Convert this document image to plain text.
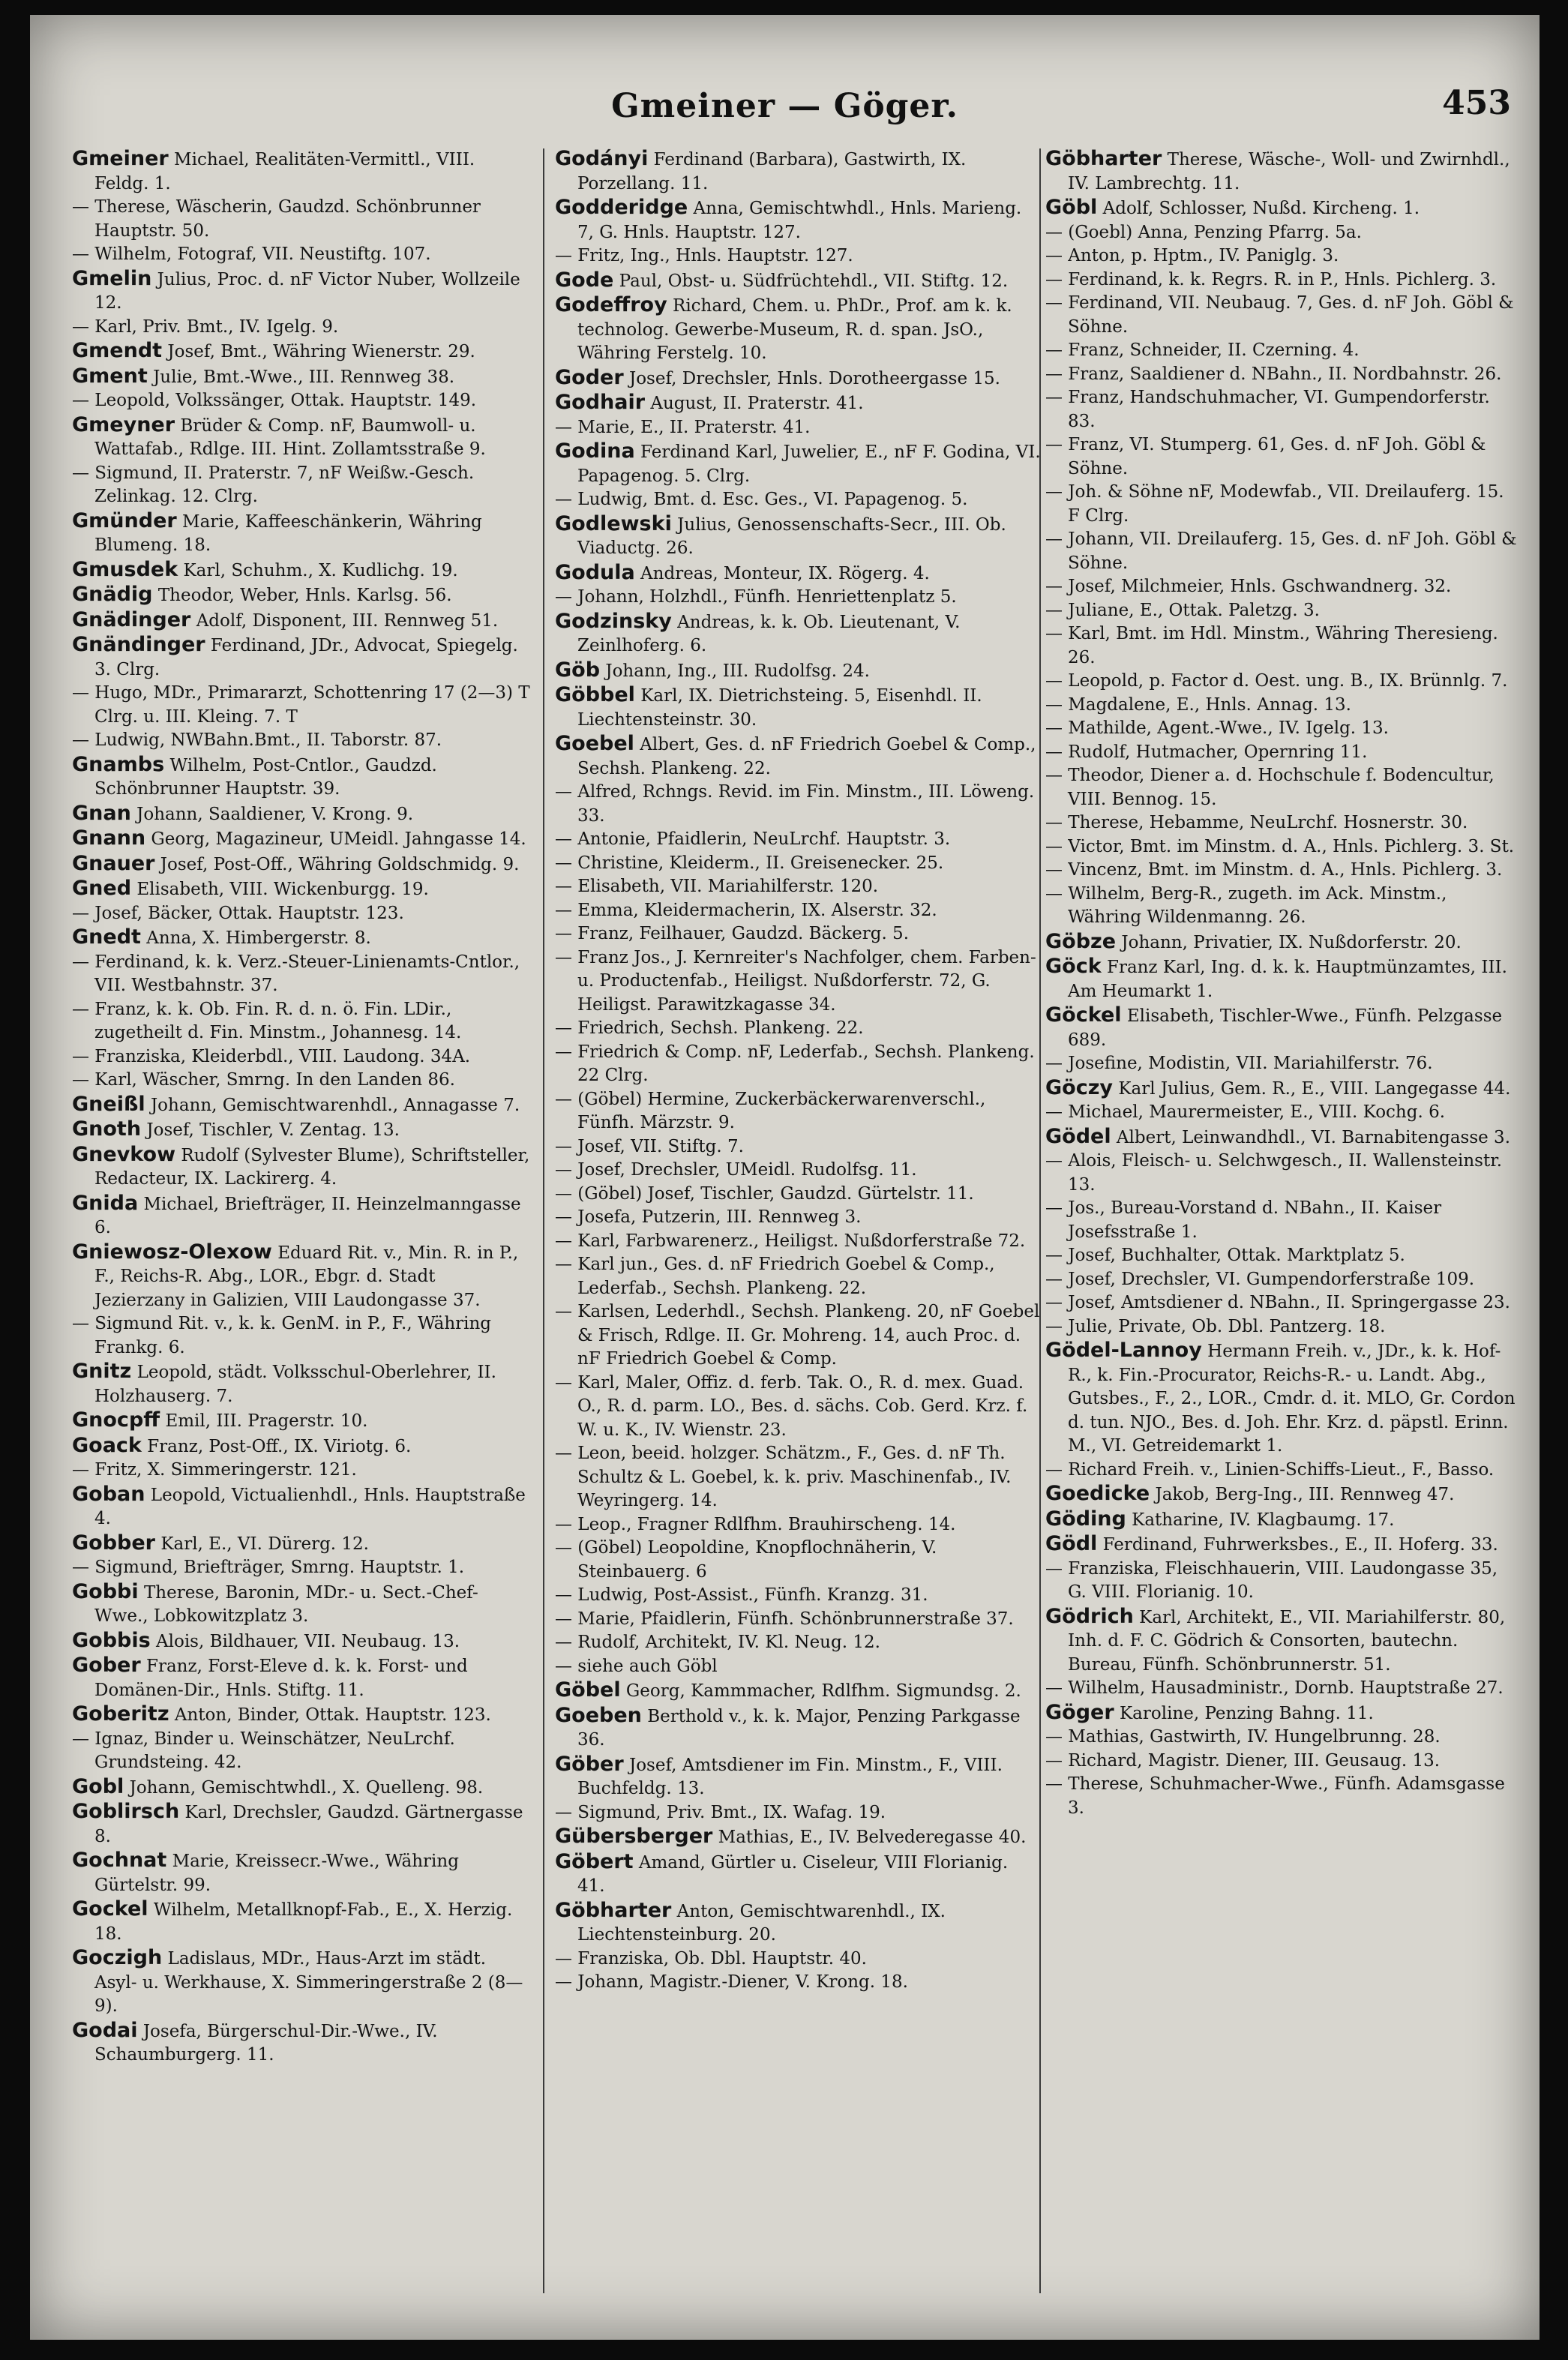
Gmeiner — Göger.	453

Gmeiner Michael, Realitäten-Vermittl., VIII. Feldg. 1.

— Therese, Wäscherin, Gaudzd. Schönbrunner Hauptstr. 50.

— Wilhelm, Fotograf, VII. Neustiftg. 107.

Gmelin Julius, Proc. d. nF Victor Nuber, Wollzeile 12.

— Karl, Priv. Bmt., IV. Igelg. 9.

Gmendt Josef, Bmt., Währing Wienerstr. 29.

Gment Julie, Bmt.-Wwe., III. Rennweg 38.

— Leopold, Volkssänger, Ottak. Hauptstr. 149.

Gmeyner Brüder & Comp. nF, Baumwoll- u. Wattafab., Rdlge. III. Hint. Zollamtsstraße 9.

— Sigmund, II. Praterstr. 7, nF Weißw.-Gesch. Zelinkag. 12. Clrg.

Gmünder Marie, Kaffeeschänkerin, Währing Blumeng. 18.

Gmusdek Karl, Schuhm., X. Kudlichg. 19.

Gnädig Theodor, Weber, Hnls. Karlsg. 56.

Gnädinger Adolf, Disponent, III. Rennweg 51.

Gnändinger Ferdinand, JDr., Advocat, Spiegelg. 3. Clrg.

— Hugo, MDr., Primararzt, Schottenring 17 (2—3) T Clrg. u. III. Kleing. 7. T

— Ludwig, NWBahn.Bmt., II. Taborstr. 87.

Gnambs Wilhelm, Post-Cntlor., Gaudzd. Schönbrunner Hauptstr. 39.

Gnan Johann, Saaldiener, V. Krong. 9.

Gnann Georg, Magazineur, UMeidl. Jahngasse 14.

Gnauer Josef, Post-Off., Währing Goldschmidg. 9.

Gned Elisabeth, VIII. Wickenburgg. 19.

— Josef, Bäcker, Ottak. Hauptstr. 123.

Gnedt Anna, X. Himbergerstr. 8.

— Ferdinand, k. k. Verz.-Steuer-Linienamts-Cntlor., VII. Westbahnstr. 37.

— Franz, k. k. Ob. Fin. R. d. n. ö. Fin. LDir., zugetheilt d. Fin. Minstm., Johannesg. 14.

— Franziska, Kleiderbdl., VIII. Laudong. 34A.

— Karl, Wäscher, Smrng. In den Landen 86.

Gneißl Johann, Gemischtwarenhdl., Annagasse 7.

Gnoth Josef, Tischler, V. Zentag. 13.

Gnevkow Rudolf (Sylvester Blume), Schriftsteller, Redacteur, IX. Lackirerg. 4.

Gnida Michael, Briefträger, II. Heinzelmanngasse 6.

Gniewosz-Olexow Eduard Rit. v., Min. R. in P., F., Reichs-R. Abg., LOR., Ebgr. d. Stadt Jezierzany in Galizien, VIII Laudongasse 37.

— Sigmund Rit. v., k. k. GenM. in P., F., Währing Frankg. 6.

Gnitz Leopold, städt. Volksschul-Oberlehrer, II. Holzhauserg. 7.

Gnocpff Emil, III. Pragerstr. 10.

Goack Franz, Post-Off., IX. Viriotg. 6.

— Fritz, X. Simmeringerstr. 121.

Goban Leopold, Victualienhdl., Hnls. Hauptstraße 4.

Gobber Karl, E., VI. Dürerg. 12.

— Sigmund, Briefträger, Smrng. Hauptstr. 1.

Gobbi Therese, Baronin, MDr.- u. Sect.-Chef-Wwe., Lobkowitzplatz 3.

Gobbis Alois, Bildhauer, VII. Neubaug. 13.

Gober Franz, Forst-Eleve d. k. k. Forst- und Domänen-Dir., Hnls. Stiftg. 11.

Goberitz Anton, Binder, Ottak. Hauptstr. 123.

— Ignaz, Binder u. Weinschätzer, NeuLrchf. Grundsteing. 42.

Gobl Johann, Gemischtwhdl., X. Quelleng. 98.

Goblirsch Karl, Drechsler, Gaudzd. Gärtnergasse 8.

Gochnat Marie, Kreissecr.-Wwe., Währing Gürtelstr. 99.

Gockel Wilhelm, Metallknopf-Fab., E., X. Herzig. 18.

Goczigh Ladislaus, MDr., Haus-Arzt im städt. Asyl- u. Werkhause, X. Simmeringerstraße 2 (8—9).

Godai Josefa, Bürgerschul-Dir.-Wwe., IV. Schaumburgerg. 11.

Godányi Ferdinand (Barbara), Gastwirth, IX. Porzellang. 11.

Godderidge Anna, Gemischtwhdl., Hnls. Marieng. 7, G. Hnls. Hauptstr. 127.

— Fritz, Ing., Hnls. Hauptstr. 127.

Gode Paul, Obst- u. Südfrüchtehdl., VII. Stiftg. 12.

Godeffroy Richard, Chem. u. PhDr., Prof. am k. k. technolog. Gewerbe-Museum, R. d. span. JsO., Währing Ferstelg. 10.

Goder Josef, Drechsler, Hnls. Dorotheergasse 15.

Godhair August, II. Praterstr. 41.

— Marie, E., II. Praterstr. 41.

Godina Ferdinand Karl, Juwelier, E., nF F. Godina, VI. Papagenog. 5. Clrg.

— Ludwig, Bmt. d. Esc. Ges., VI. Papagenog. 5.

Godlewski Julius, Genossenschafts-Secr., III. Ob. Viaductg. 26.

Godula Andreas, Monteur, IX. Rögerg. 4.

— Johann, Holzhdl., Fünfh. Henriettenplatz 5.

Godzinsky Andreas, k. k. Ob. Lieutenant, V. Zeinlhoferg. 6.

Göb Johann, Ing., III. Rudolfsg. 24.

Göbbel Karl, IX. Dietrichsteing. 5, Eisenhdl. II. Liechtensteinstr. 30.

Goebel Albert, Ges. d. nF Friedrich Goebel & Comp., Sechsh. Plankeng. 22.

— Alfred, Rchngs. Revid. im Fin. Minstm., III. Löweng. 33.

— Antonie, Pfaidlerin, NeuLrchf. Hauptstr. 3.

— Christine, Kleiderm., II. Greisenecker. 25.

— Elisabeth, VII. Mariahilferstr. 120.

— Emma, Kleidermacherin, IX. Alserstr. 32.

— Franz, Feilhauer, Gaudzd. Bäckerg. 5.

— Franz Jos., J. Kernreiter's Nachfolger, chem. Farben- u. Productenfab., Heiligst. Nußdorferstr. 72, G. Heiligst. Parawitzkagasse 34.

— Friedrich, Sechsh. Plankeng. 22.

— Friedrich & Comp. nF, Lederfab., Sechsh. Plankeng. 22 Clrg.

— (Göbel) Hermine, Zuckerbäckerwarenverschl., Fünfh. Märzstr. 9.

— Josef, VII. Stiftg. 7.

— Josef, Drechsler, UMeidl. Rudolfsg. 11.

— (Göbel) Josef, Tischler, Gaudzd. Gürtelstr. 11.

— Josefa, Putzerin, III. Rennweg 3.

— Karl, Farbwarenerz., Heiligst. Nußdorferstraße 72.

— Karl jun., Ges. d. nF Friedrich Goebel & Comp., Lederfab., Sechsh. Plankeng. 22.

— Karlsen, Lederhdl., Sechsh. Plankeng. 20, nF Goebel & Frisch, Rdlge. II. Gr. Mohreng. 14, auch Proc. d. nF Friedrich Goebel & Comp.

— Karl, Maler, Offiz. d. ferb. Tak. O., R. d. mex. Guad. O., R. d. parm. LO., Bes. d. sächs. Cob. Gerd. Krz. f. W. u. K., IV. Wienstr. 23.

— Leon, beeid. holzger. Schätzm., F., Ges. d. nF Th. Schultz & L. Goebel, k. k. priv. Maschinenfab., IV. Weyringerg. 14.

— Leop., Fragner Rdlfhm. Brauhirscheng. 14.

— (Göbel) Leopoldine, Knopflochnäherin, V. Steinbauerg. 6

— Ludwig, Post-Assist., Fünfh. Kranzg. 31.

— Marie, Pfaidlerin, Fünfh. Schönbrunnerstraße 37.

— Rudolf, Architekt, IV. Kl. Neug. 12.

— siehe auch Göbl

Göbel Georg, Kammmacher, Rdlfhm. Sigmundsg. 2.

Goeben Berthold v., k. k. Major, Penzing Parkgasse 36.

Göber Josef, Amtsdiener im Fin. Minstm., F., VIII. Buchfeldg. 13.

— Sigmund, Priv. Bmt., IX. Wafag. 19.

Gübersberger Mathias, E., IV. Belvederegasse 40.

Göbert Amand, Gürtler u. Ciseleur, VIII Florianig. 41.

Göbharter Anton, Gemischtwarenhdl., IX. Liechtensteinburg. 20.

— Franziska, Ob. Dbl. Hauptstr. 40.

— Johann, Magistr.-Diener, V. Krong. 18.

Göbharter Therese, Wäsche-, Woll- und Zwirnhdl., IV. Lambrechtg. 11.

Göbl Adolf, Schlosser, Nußd. Kircheng. 1.

— (Goebl) Anna, Penzing Pfarrg. 5a.

— Anton, p. Hptm., IV. Paniglg. 3.

— Ferdinand, k. k. Regrs. R. in P., Hnls. Pichlerg. 3.

— Ferdinand, VII. Neubaug. 7, Ges. d. nF Joh. Göbl & Söhne.

— Franz, Schneider, II. Czerning. 4.

— Franz, Saaldiener d. NBahn., II. Nordbahnstr. 26.

— Franz, Handschuhmacher, VI. Gumpendorferstr. 83.

— Franz, VI. Stumperg. 61, Ges. d. nF Joh. Göbl & Söhne.

— Joh. & Söhne nF, Modewfab., VII. Dreilauferg. 15. F Clrg.

— Johann, VII. Dreilauferg. 15, Ges. d. nF Joh. Göbl & Söhne.

— Josef, Milchmeier, Hnls. Gschwandnerg. 32.

— Juliane, E., Ottak. Paletzg. 3.

— Karl, Bmt. im Hdl. Minstm., Währing Theresieng. 26.

— Leopold, p. Factor d. Oest. ung. B., IX. Brünnlg. 7.

— Magdalene, E., Hnls. Annag. 13.

— Mathilde, Agent.-Wwe., IV. Igelg. 13.

— Rudolf, Hutmacher, Opernring 11.

— Theodor, Diener a. d. Hochschule f. Bodencultur, VIII. Bennog. 15.

— Therese, Hebamme, NeuLrchf. Hosnerstr. 30.

— Victor, Bmt. im Minstm. d. A., Hnls. Pichlerg. 3. St.

— Vincenz, Bmt. im Minstm. d. A., Hnls. Pichlerg. 3.

— Wilhelm, Berg-R., zugeth. im Ack. Minstm., Währing Wildenmanng. 26.

Göbze Johann, Privatier, IX. Nußdorferstr. 20.

Göck Franz Karl, Ing. d. k. k. Hauptmünzamtes, III. Am Heumarkt 1.

Göckel Elisabeth, Tischler-Wwe., Fünfh. Pelzgasse 689.

— Josefine, Modistin, VII. Mariahilferstr. 76.

Göczy Karl Julius, Gem. R., E., VIII. Langegasse 44.

— Michael, Maurermeister, E., VIII. Kochg. 6.

Gödel Albert, Leinwandhdl., VI. Barnabitengasse 3.

— Alois, Fleisch- u. Selchwgesch., II. Wallensteinstr. 13.

— Jos., Bureau-Vorstand d. NBahn., II. Kaiser Josefsstraße 1.

— Josef, Buchhalter, Ottak. Marktplatz 5.

— Josef, Drechsler, VI. Gumpendorferstraße 109.

— Josef, Amtsdiener d. NBahn., II. Springergasse 23.

— Julie, Private, Ob. Dbl. Pantzerg. 18.

Gödel-Lannoy Hermann Freih. v., JDr., k. k. Hof-R., k. Fin.-Procurator, Reichs-R.- u. Landt. Abg., Gutsbes., F., 2., LOR., Cmdr. d. it. MLO, Gr. Cordon d. tun. NJO., Bes. d. Joh. Ehr. Krz. d. päpstl. Erinn. M., VI. Getreidemarkt 1.

— Richard Freih. v., Linien-Schiffs-Lieut., F., Basso.

Goedicke Jakob, Berg-Ing., III. Rennweg 47.

Göding Katharine, IV. Klagbaumg. 17.

Gödl Ferdinand, Fuhrwerksbes., E., II. Hoferg. 33.

— Franziska, Fleischhauerin, VIII. Laudongasse 35, G. VIII. Florianig. 10.

Gödrich Karl, Architekt, E., VII. Mariahilferstr. 80, Inh. d. F. C. Gödrich & Consorten, bautechn. Bureau, Fünfh. Schönbrunnerstr. 51.

— Wilhelm, Hausadministr., Dornb. Hauptstraße 27.

Göger Karoline, Penzing Bahng. 11.

— Mathias, Gastwirth, IV. Hungelbrunng. 28.

— Richard, Magistr. Diener, III. Geusaug. 13.

— Therese, Schuhmacher-Wwe., Fünfh. Adamsgasse 3.
